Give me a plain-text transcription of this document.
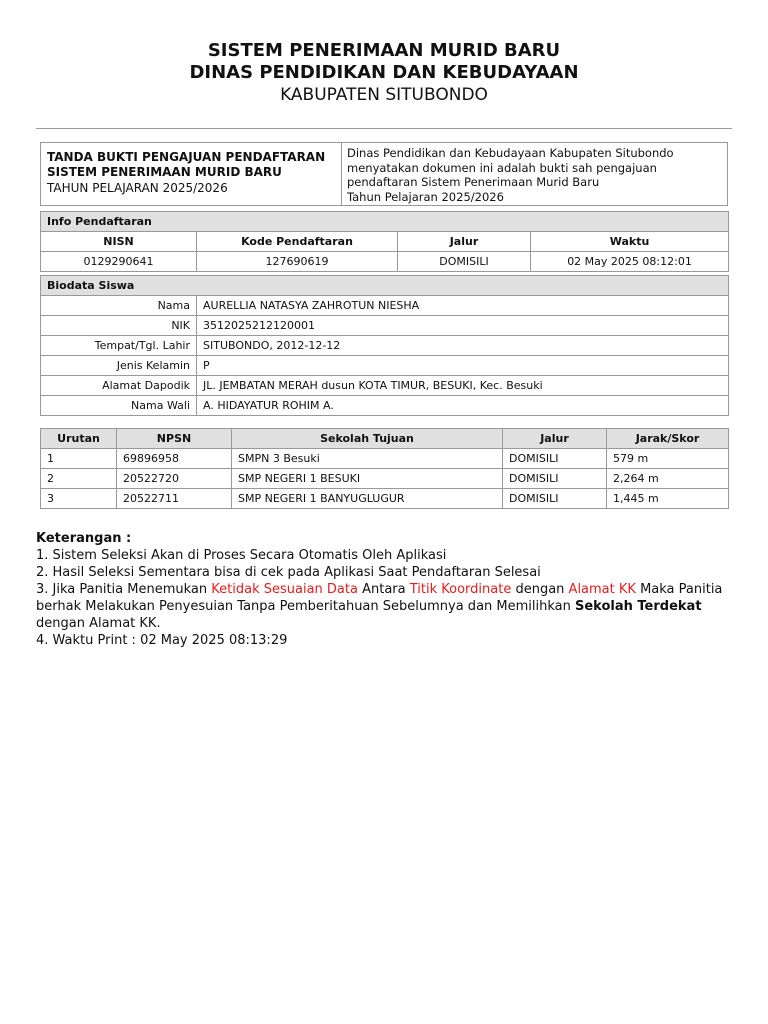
SISTEM PENERIMAAN MURID BARU
DINAS PENDIDIKAN DAN KEBUDAYAAN
KABUPATEN SITUBONDO
TANDA BUKTI PENGAJUAN PENDAFTARAN
SISTEM PENERIMAAN MURID BARU
TAHUN PELAJARAN 2025/2026
Dinas Pendidikan dan Kebudayaan Kabupaten Situbondo
menyatakan dokumen ini adalah bukti sah pengajuan
pendaftaran Sistem Penerimaan Murid Baru
Tahun Pelajaran 2025/2026
Info Pendaftaran			
NISN	Kode Pendaftaran	Jalur	Waktu
0129290641	127690619	DOMISILI	02 May 2025 08:12:01
Biodata Siswa	
Nama	AURELLIA NATASYA ZAHROTUN NIESHA
NIK	3512025212120001
Tempat/Tgl. Lahir	SITUBONDO, 2012-12-12
Jenis Kelamin	P
Alamat Dapodik	JL. JEMBATAN MERAH dusun KOTA TIMUR, BESUKI, Kec. Besuki
Nama Wali	A. HIDAYATUR ROHIM A.
Urutan	NPSN	Sekolah Tujuan	Jalur	Jarak/Skor
1	69896958	SMPN 3 Besuki	DOMISILI	579 m
2	20522720	SMP NEGERI 1 BESUKI	DOMISILI	2,264 m
3	20522711	SMP NEGERI 1 BANYUGLUGUR	DOMISILI	1,445 m
Keterangan :
1. Sistem Seleksi Akan di Proses Secara Otomatis Oleh Aplikasi
2. Hasil Seleksi Sementara bisa di cek pada Aplikasi Saat Pendaftaran Selesai
3. Jika Panitia Menemukan Ketidak Sesuaian Data Antara Titik Koordinate dengan Alamat KK Maka Panitia berhak Melakukan Penyesuian Tanpa Pemberitahuan Sebelumnya dan Memilihkan Sekolah Terdekat dengan Alamat KK.
4. Waktu Print : 02 May 2025 08:13:29
